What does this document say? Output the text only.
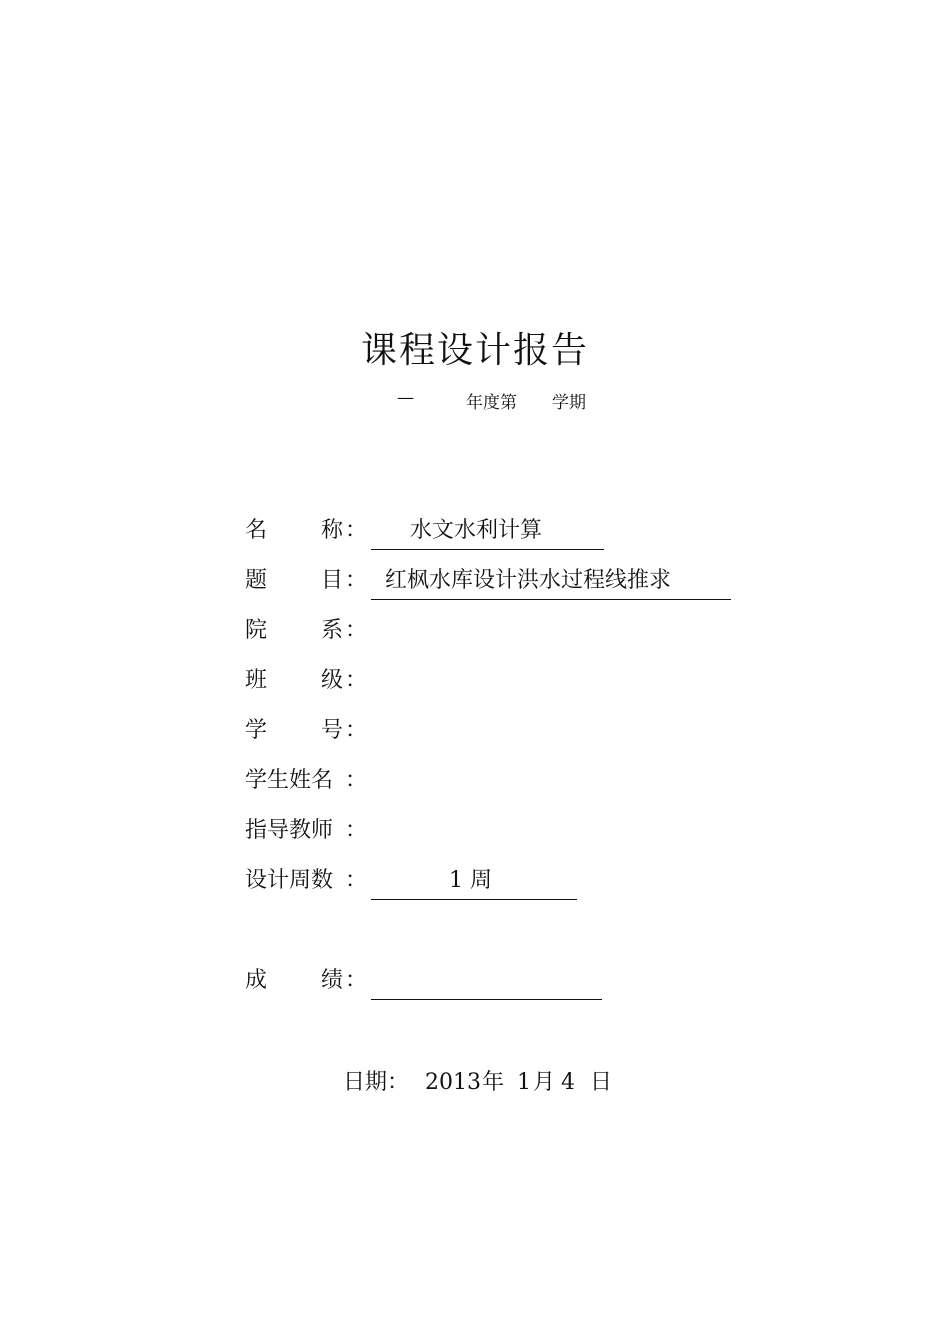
课程设计报告
—	年度第 学期
名 称 ： 水文水利计算
题 目 ： 红枫水库设计洪水过程线推求
院 系 ：
班 级 ：
学 号 ：
学生姓名 ：
指导教师 ：
设计周数 ：	1 周
成 绩 ：
日期： 2013 年 1 月 4 日
